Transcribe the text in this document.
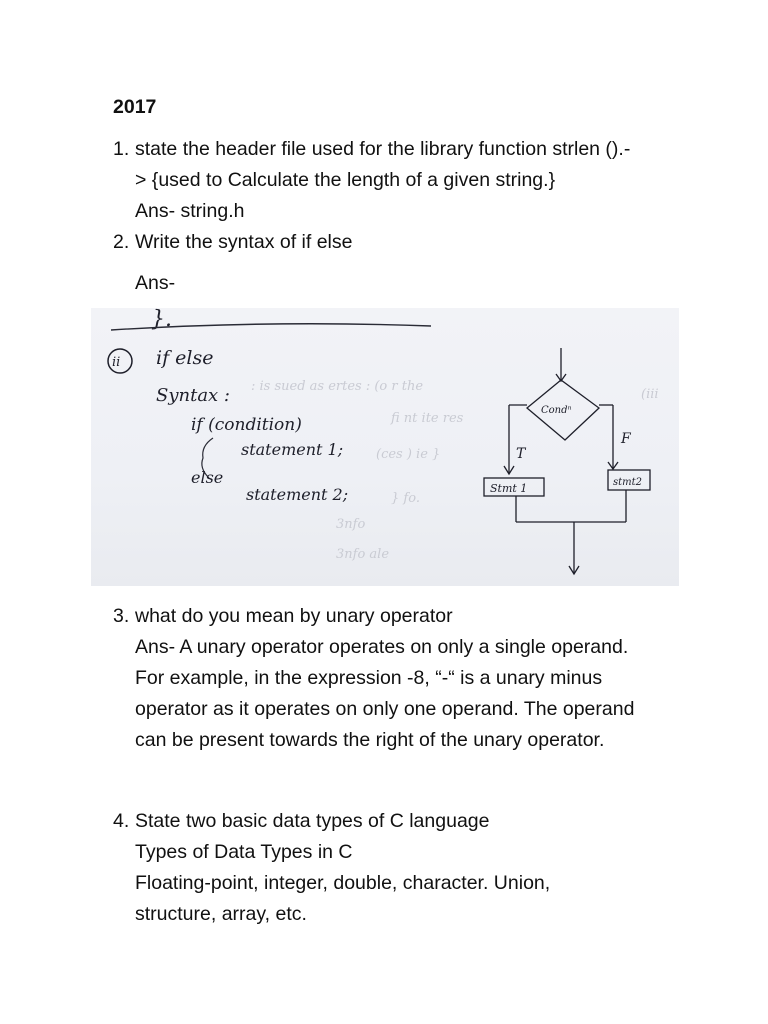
2017
1. state the header file used for the library function strlen ().-
> {used to Calculate the length of a given string.}
Ans- string.h
2. Write the syntax of if else
Ans-
: is sued as ertes : (o r the
fi nt ite res
(ces ) ie }
} fo.
3nfo
3nfo ale
(iii
}.
ii if else
Syntax :
if (condition)
statement 1;
else
statement 2;
Condⁿ
T
F
Stmt 1	stmt2
3. what do you mean by unary operator
Ans- A unary operator operates on only a single operand.
For example, in the expression -8, “-“ is a unary minus
operator as it operates on only one operand. The operand
can be present towards the right of the unary operator.
4. State two basic data types of C language
Types of Data Types in C
Floating-point, integer, double, character. Union,
structure, array, etc.
